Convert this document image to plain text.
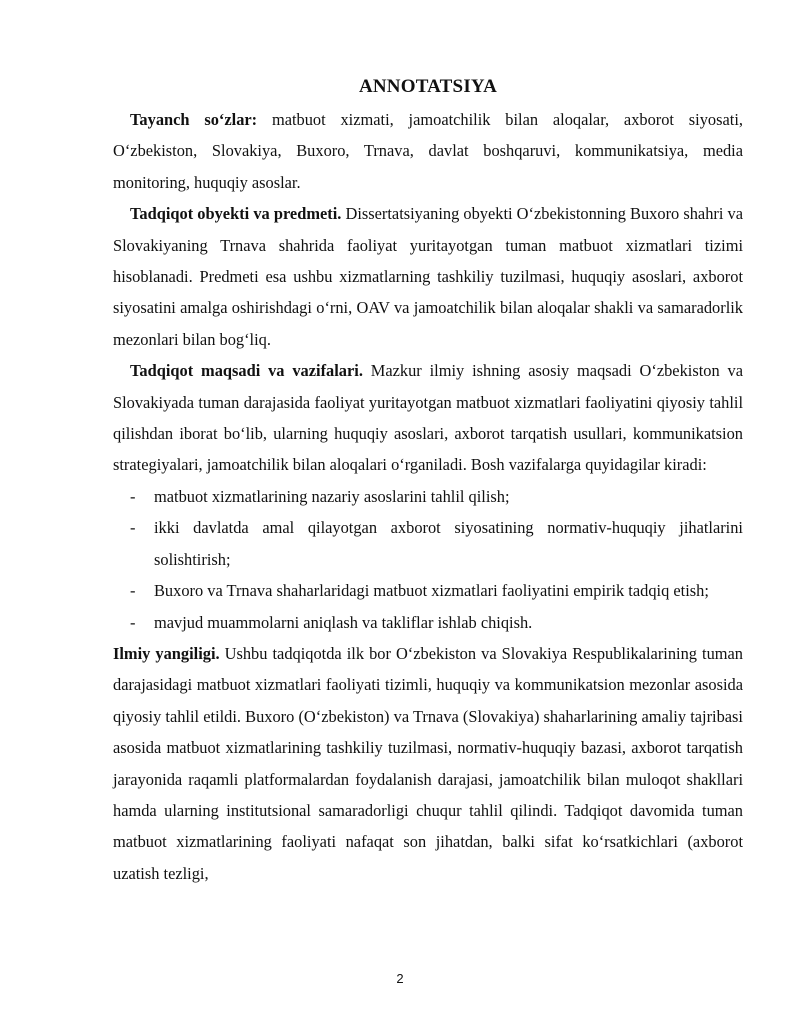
ANNOTATSIYA

Tayanch so‘zlar: matbuot xizmati, jamoatchilik bilan aloqalar, axborot siyosati, O‘zbekiston, Slovakiya, Buxoro, Trnava, davlat boshqaruvi, kommunikatsiya, media monitoring, huquqiy asoslar.

Tadqiqot obyekti va predmeti. Dissertatsiyaning obyekti O‘zbekistonning Buxoro shahri va Slovakiyaning Trnava shahrida faoliyat yuritayotgan tuman matbuot xizmatlari tizimi hisoblanadi. Predmeti esa ushbu xizmatlarning tashkiliy tuzilmasi, huquqiy asoslari, axborot siyosatini amalga oshirishdagi o‘rni, OAV va jamoatchilik bilan aloqalar shakli va samaradorlik mezonlari bilan bog‘liq.

Tadqiqot maqsadi va vazifalari. Mazkur ilmiy ishning asosiy maqsadi O‘zbekiston va Slovakiyada tuman darajasida faoliyat yuritayotgan matbuot xizmatlari faoliyatini qiyosiy tahlil qilishdan iborat bo‘lib, ularning huquqiy asoslari, axborot tarqatish usullari, kommunikatsion strategiyalari, jamoatchilik bilan aloqalari o‘rganiladi. Bosh vazifalarga quyidagilar kiradi:

- matbuot xizmatlarining nazariy asoslarini tahlil qilish;
- ikki davlatda amal qilayotgan axborot siyosatining normativ-huquqiy jihatlarini solishtirish;
- Buxoro va Trnava shaharlaridagi matbuot xizmatlari faoliyatini empirik tadqiq etish;
- mavjud muammolarni aniqlash va takliflar ishlab chiqish.

Ilmiy yangiligi. Ushbu tadqiqotda ilk bor O‘zbekiston va Slovakiya Respublikalarining tuman darajasidagi matbuot xizmatlari faoliyati tizimli, huquqiy va kommunikatsion mezonlar asosida qiyosiy tahlil etildi. Buxoro (O‘zbekiston) va Trnava (Slovakiya) shaharlarining amaliy tajribasi asosida matbuot xizmatlarining tashkiliy tuzilmasi, normativ-huquqiy bazasi, axborot tarqatish jarayonida raqamli platformalardan foydalanish darajasi, jamoatchilik bilan muloqot shakllari hamda ularning institutsional samaradorligi chuqur tahlil qilindi. Tadqiqot davomida tuman matbuot xizmatlarining faoliyati nafaqat son jihatdan, balki sifat ko‘rsatkichlari (axborot uzatish tezligi,

2
